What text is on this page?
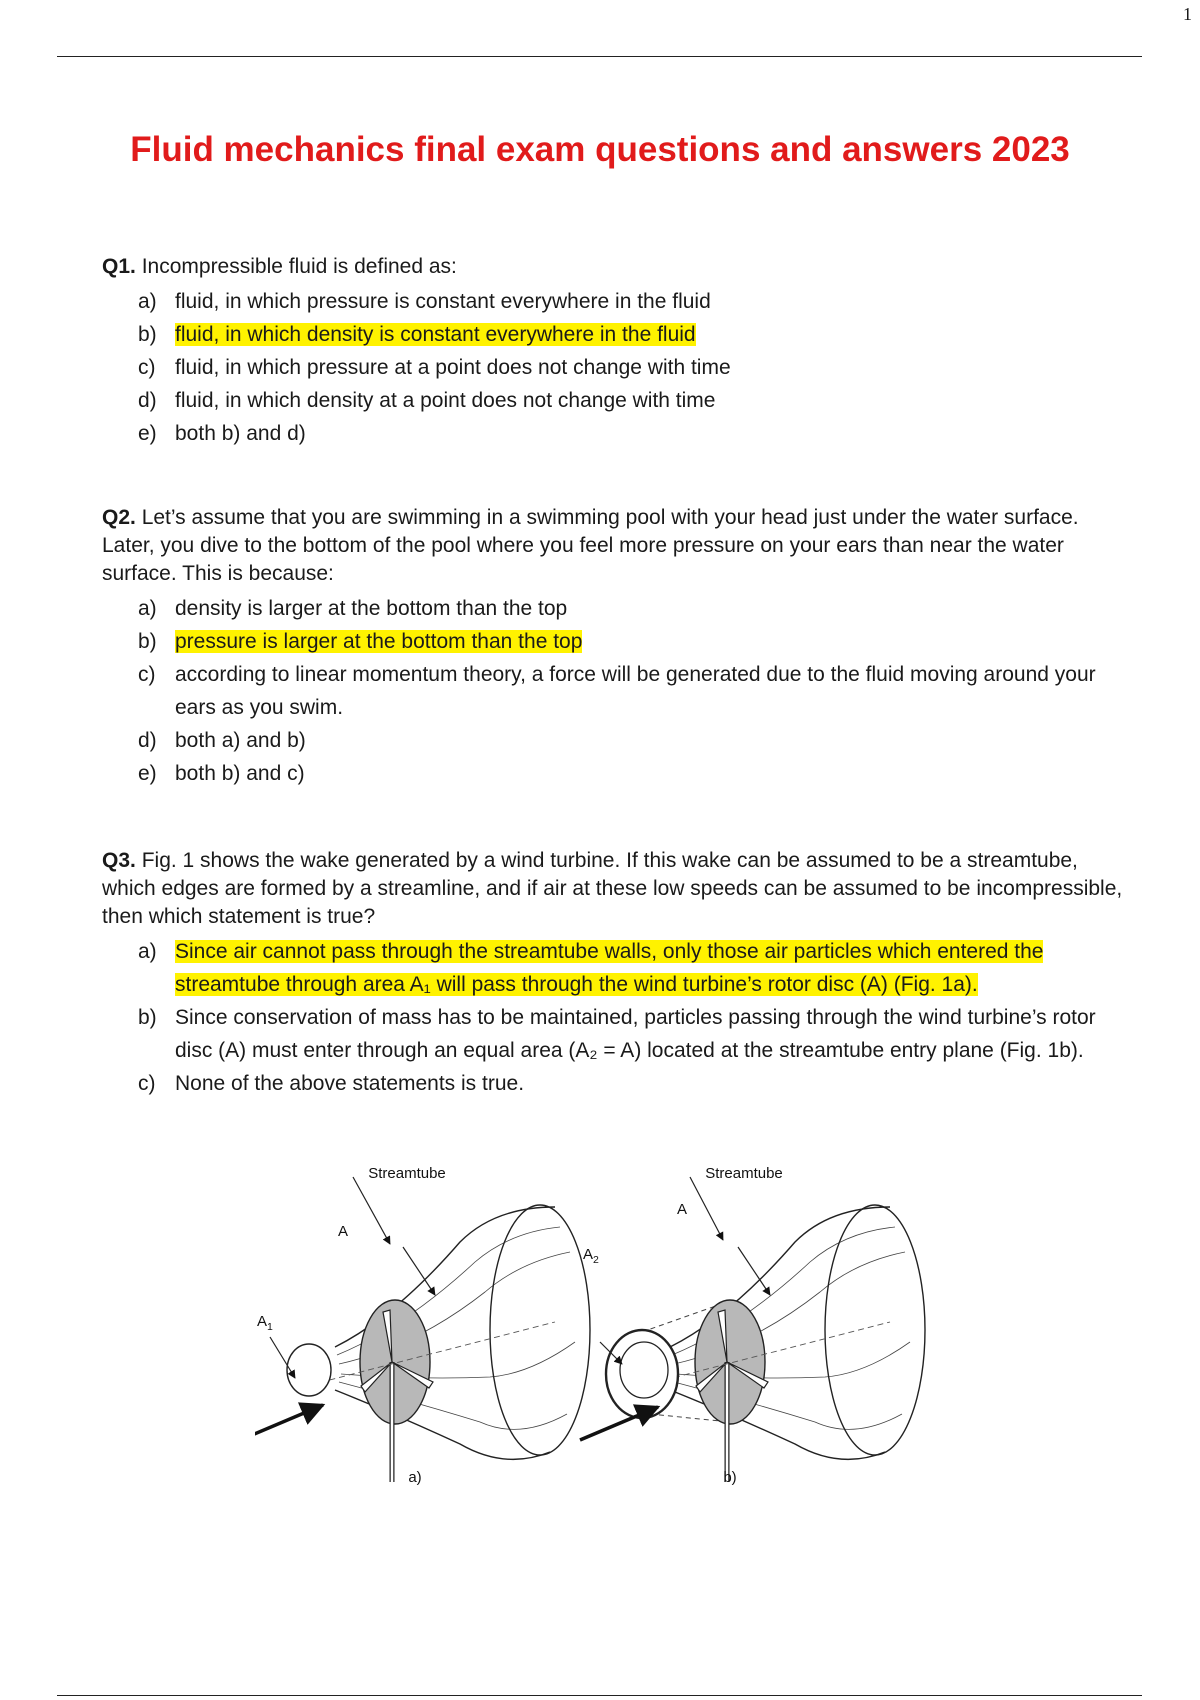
1
Fluid mechanics final exam questions and answers 2023

Q1. Incompressible fluid is defined as:

a) fluid, in which pressure is constant everywhere in the fluid
b) fluid, in which density is constant everywhere in the fluid
c) fluid, in which pressure at a point does not change with time
d) fluid, in which density at a point does not change with time
e) both b) and d)

Q2. Let’s assume that you are swimming in a swimming pool with your head just under the water surface. Later, you dive to the bottom of the pool where you feel more pressure on your ears than near the water surface. This is because:

a) density is larger at the bottom than the top
b) pressure is larger at the bottom than the top
c) according to linear momentum theory, a force will be generated due to the fluid moving around your ears as you swim.
d) both a) and b)
e) both b) and c)

Q3. Fig. 1 shows the wake generated by a wind turbine. If this wake can be assumed to be a streamtube, which edges are formed by a streamline, and if air at these low speeds can be assumed to be incompressible, then which statement is true?

a) Since air cannot pass through the streamtube walls, only those air particles which entered the streamtube through area A₁ will pass through the wind turbine’s rotor disc (A) (Fig. 1a).
b) Since conservation of mass has to be maintained, particles passing through the wind turbine’s rotor disc (A) must enter through an equal area (A₂ = A) located at the streamtube entry plane (Fig. 1b).
c) None of the above statements is true.
Streamtube
A
$A_1$
a)
Streamtube
A
$A_2$
b)
